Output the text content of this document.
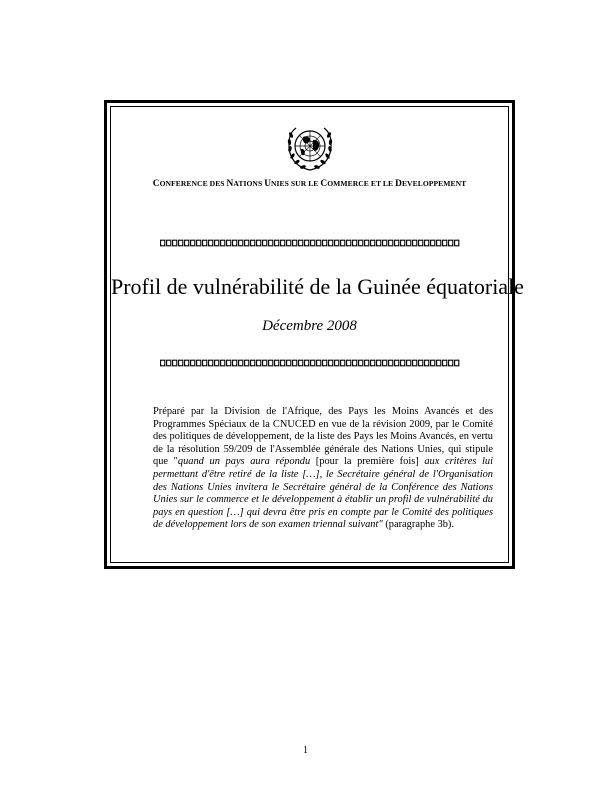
CONFERENCE DES NATIONS UNIES SUR LE COMMERCE ET LE DEVELOPPEMENT
Profil de vulnérabilité de la Guinée équatoriale
Décembre 2008
Préparé par la Division de l'Afrique, des Pays les Moins Avancés et des Programmes Spéciaux de la CNUCED en vue de la révision 2009, par le Comité des politiques de développement, de la liste des Pays les Moins Avancés, en vertu de la résolution 59/209 de l'Assemblée générale des Nations Unies, qui stipule que "quand un pays aura répondu [pour la première fois] aux critères lui permettant d'être retiré de la liste […], le Secrétaire général de l'Organisation des Nations Unies invitera le Secrétaire général de la Conférence des Nations Unies sur le commerce et le développement à établir un profil de vulnérabilité du pays en question […] qui devra être pris en compte par le Comité des politiques de développement lors de son examen triennal suivant" (paragraphe 3b).
1
